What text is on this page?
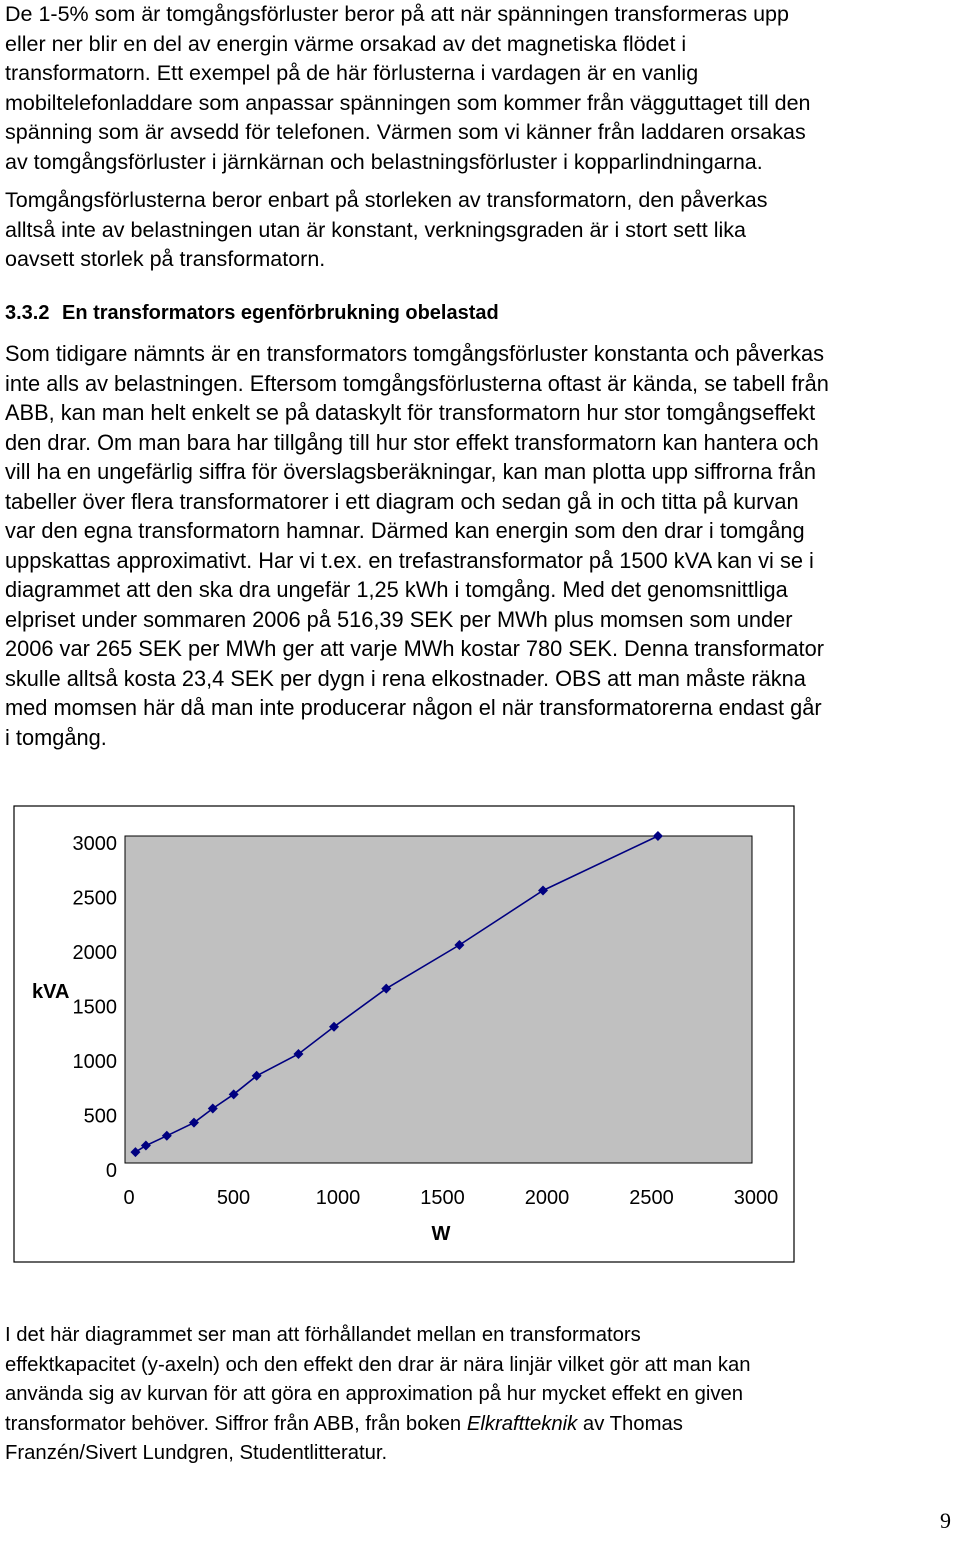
De 1-5% som är tomgångsförluster beror på att när spänningen transformeras upp
eller ner blir en del av energin värme orsakad av det magnetiska flödet i
transformatorn. Ett exempel på de här förlusterna i vardagen är en vanlig
mobiltelefonladdare som anpassar spänningen som kommer från vägguttaget till den
spänning som är avsedd för telefonen. Värmen som vi känner från laddaren orsakas
av tomgångsförluster i järnkärnan och belastningsförluster i kopparlindningarna.
Tomgångsförlusterna beror enbart på storleken av transformatorn, den påverkas
alltså inte av belastningen utan är konstant, verkningsgraden är i stort sett lika
oavsett storlek på transformatorn.
3.3.2 En transformators egenförbrukning obelastad
Som tidigare nämnts är en transformators tomgångsförluster konstanta och påverkas
inte alls av belastningen. Eftersom tomgångsförlusterna oftast är kända, se tabell från
ABB, kan man helt enkelt se på dataskylt för transformatorn hur stor tomgångseffekt
den drar. Om man bara har tillgång till hur stor effekt transformatorn kan hantera och
vill ha en ungefärlig siffra för överslagsberäkningar, kan man plotta upp siffrorna från
tabeller över flera transformatorer i ett diagram och sedan gå in och titta på kurvan
var den egna transformatorn hamnar. Därmed kan energin som den drar i tomgång
uppskattas approximativt. Har vi t.ex. en trefastransformator på 1500 kVA kan vi se i
diagrammet att den ska dra ungefär 1,25 kWh i tomgång. Med det genomsnittliga
elpriset under sommaren 2006 på 516,39 SEK per MWh plus momsen som under
2006 var 265 SEK per MWh ger att varje MWh kostar 780 SEK. Denna transformator
skulle alltså kosta 23,4 SEK per dygn i rena elkostnader. OBS att man måste räkna
med momsen här då man inte producerar någon el när transformatorerna endast går
i tomgång.
3000
2500
2000
1500
1000
500
0
0	500	1000	1500	2000	2500	3000
kVA
W
I det här diagrammet ser man att förhållandet mellan en transformators
effektkapacitet (y-axeln) och den effekt den drar är nära linjär vilket gör att man kan
använda sig av kurvan för att göra en approximation på hur mycket effekt en given
transformator behöver. Siffror från ABB, från boken Elkraftteknik av Thomas
Franzén/Sivert Lundgren, Studentlitteratur.
9
